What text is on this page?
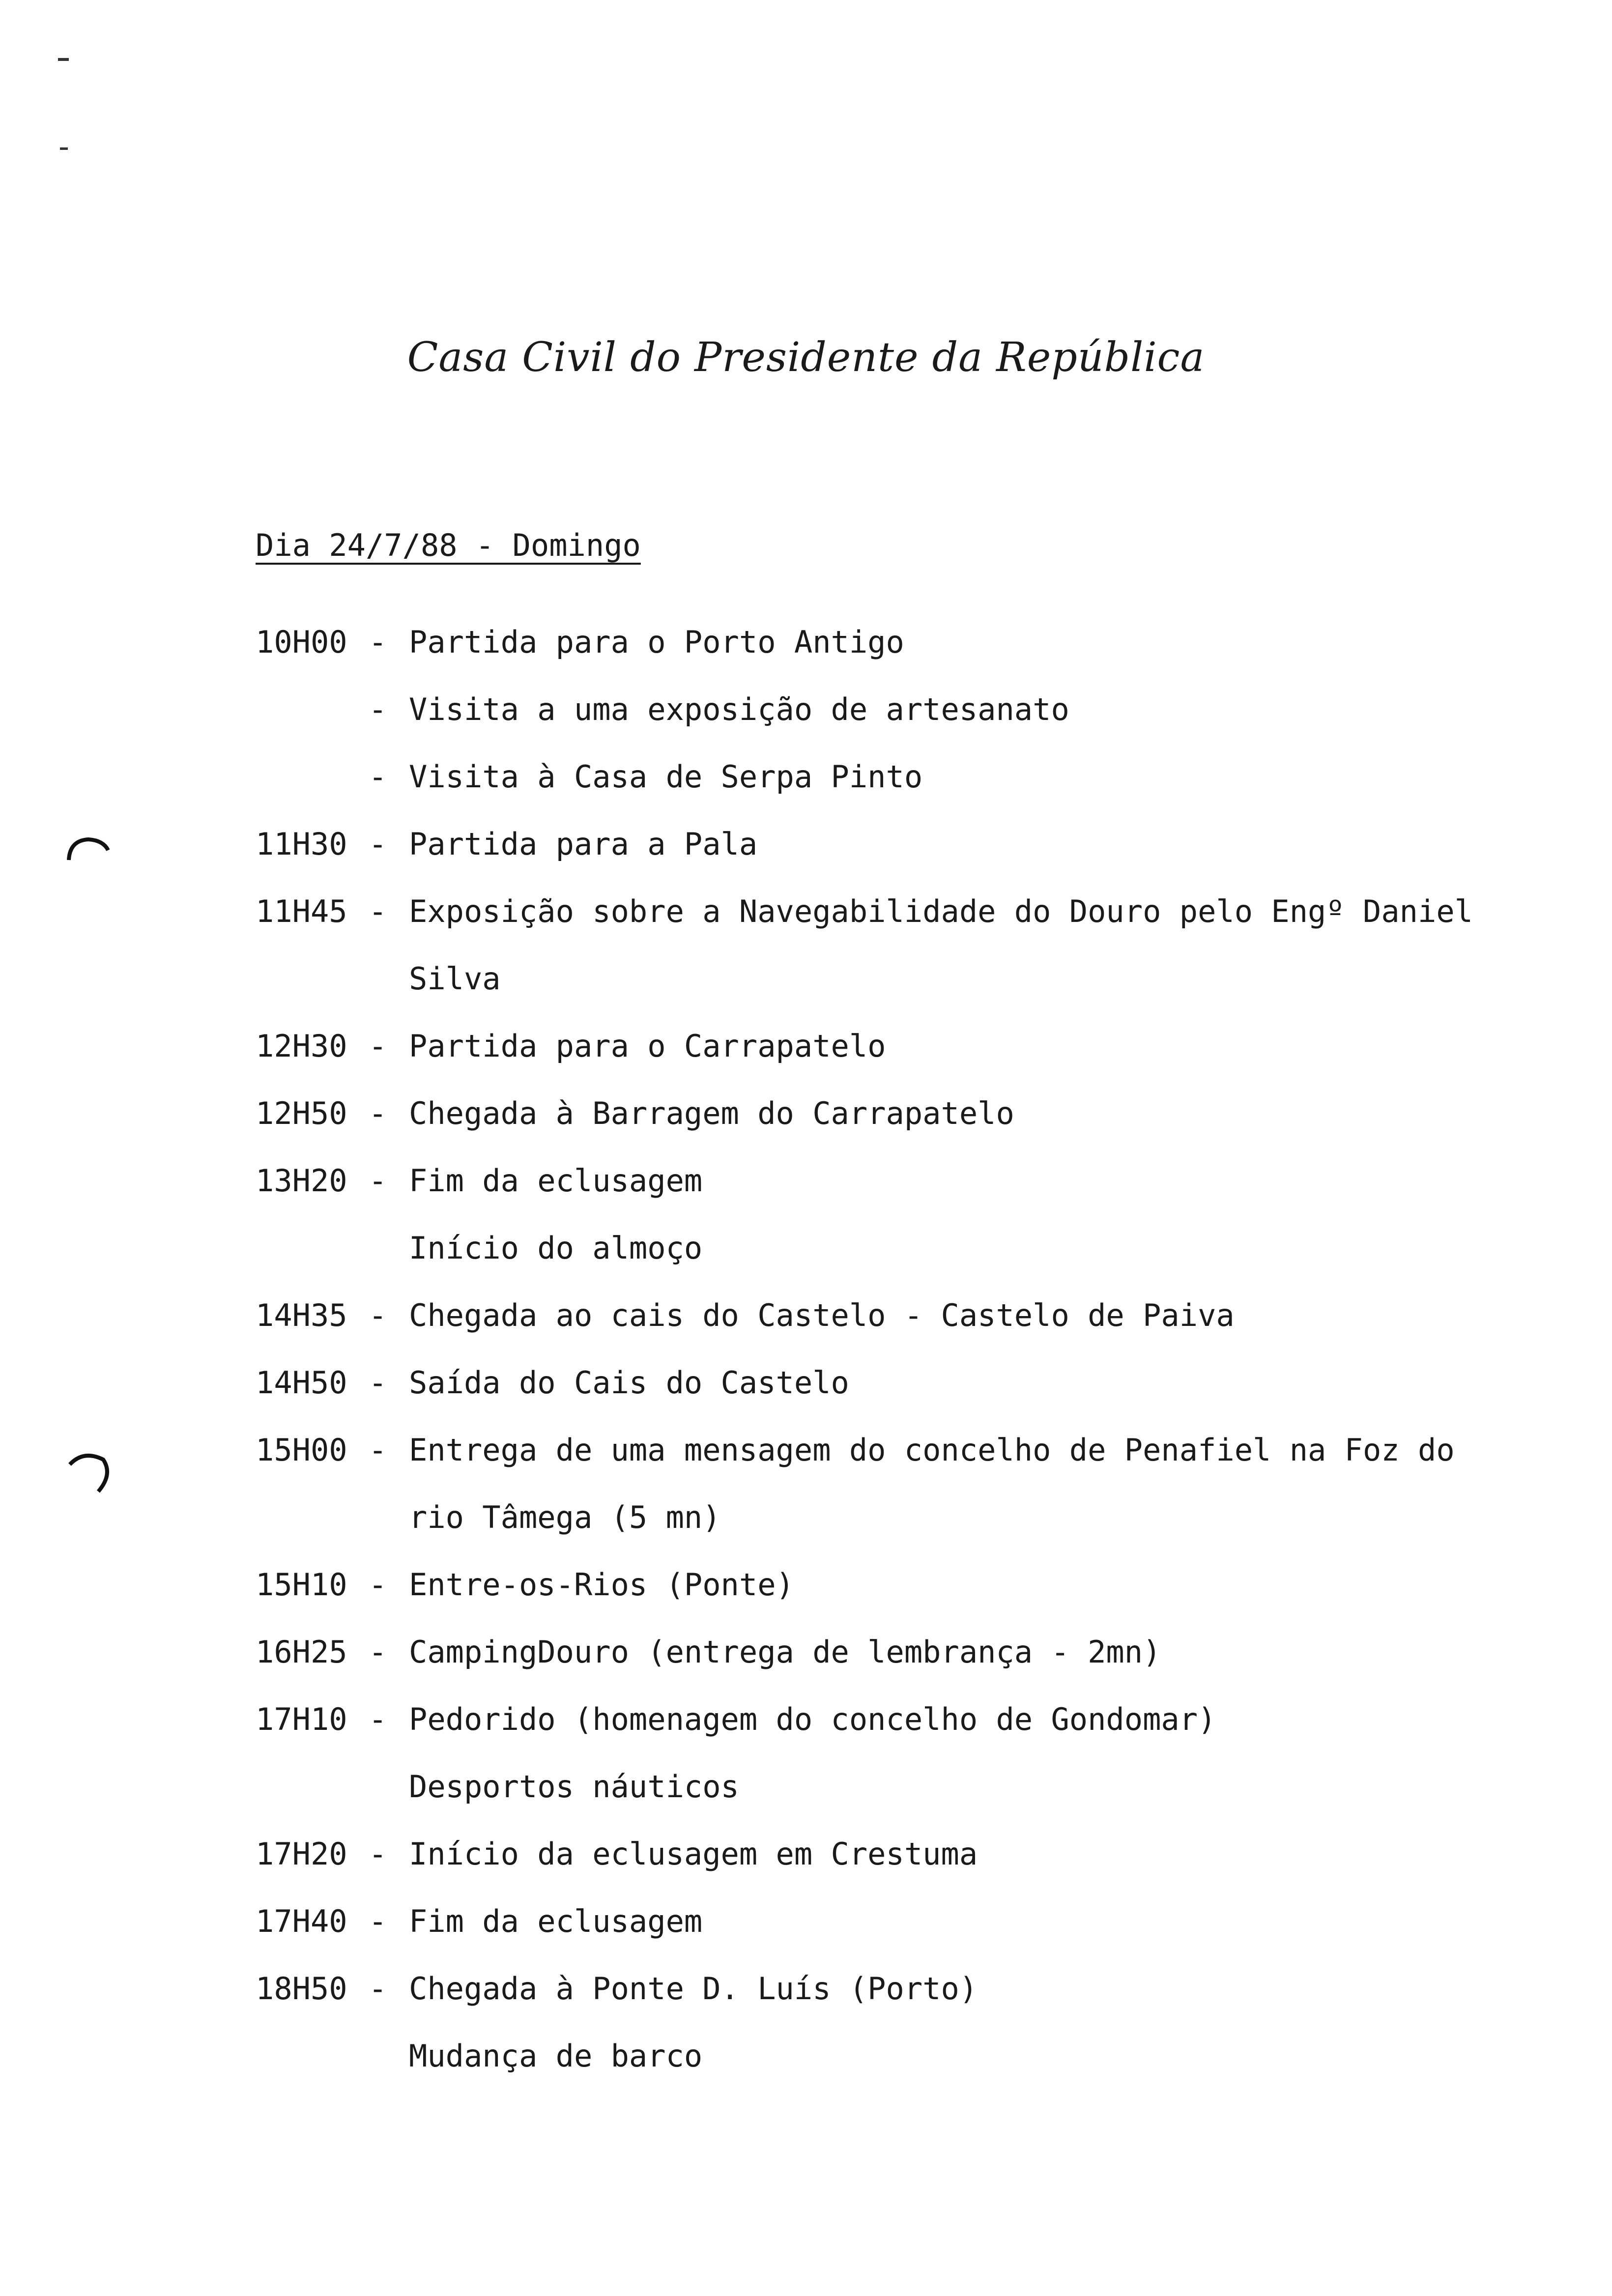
Casa Civil do Presidente da República
Dia 24/7/88 - Domingo
10H00 - Partida para o Porto Antigo
- Visita a uma exposição de artesanato
- Visita à Casa de Serpa Pinto
11H30 - Partida para a Pala
11H45 - Exposição sobre a Navegabilidade do Douro pelo Engº Daniel
Silva
12H30 - Partida para o Carrapatelo
12H50 - Chegada à Barragem do Carrapatelo
13H20 - Fim da eclusagem
Início do almoço
14H35 - Chegada ao cais do Castelo - Castelo de Paiva
14H50 - Saída do Cais do Castelo
15H00 - Entrega de uma mensagem do concelho de Penafiel na Foz do
rio Tâmega (5 mn)
15H10 - Entre-os-Rios (Ponte)
16H25 - CampingDouro (entrega de lembrança - 2mn)
17H10 - Pedorido (homenagem do concelho de Gondomar)
Desportos náuticos
17H20 - Início da eclusagem em Crestuma
17H40 - Fim da eclusagem
18H50 - Chegada à Ponte D. Luís (Porto)
Mudança de barco
